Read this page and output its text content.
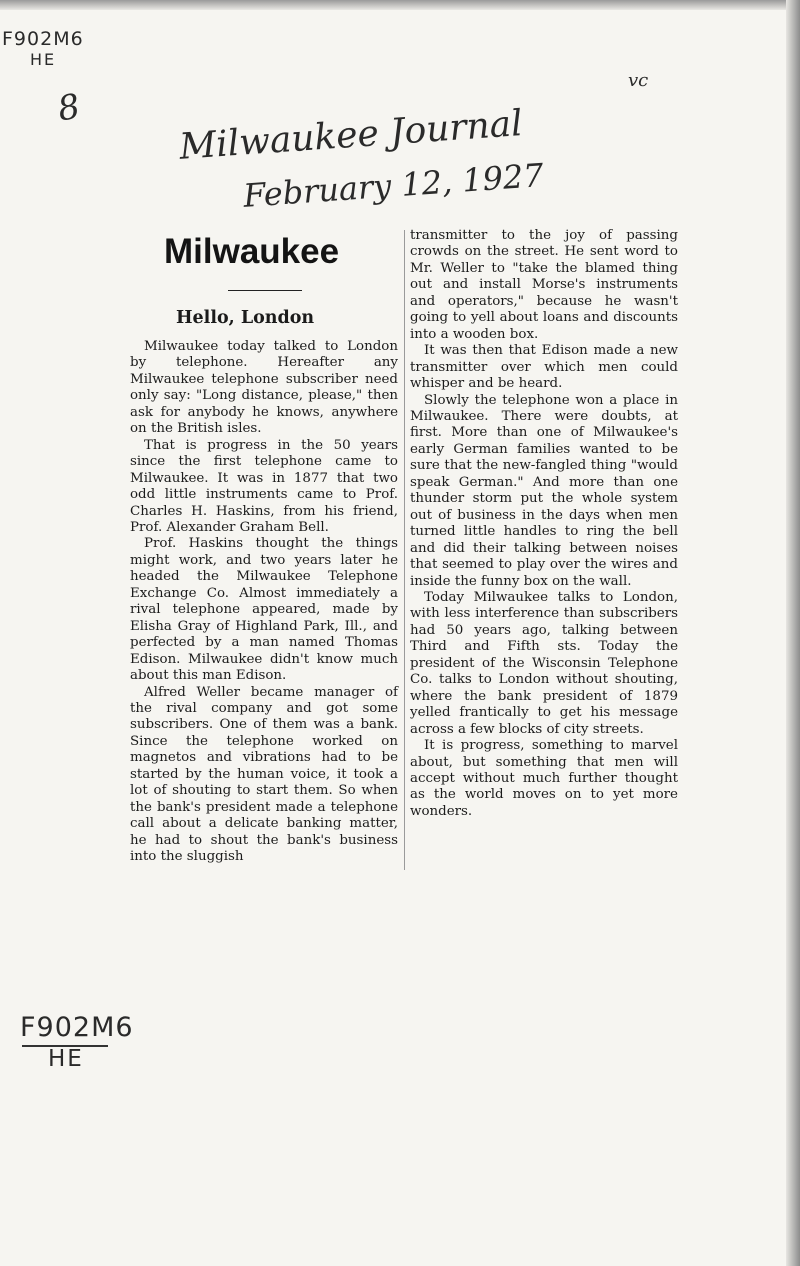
F902M6
HE
8
vc
Milwaukee Journal
February 12, 1927
Milwaukee
Hello, London

Milwaukee today talked to London by telephone. Hereafter any Milwaukee telephone subscriber need only say: "Long distance, please," then ask for anybody he knows, anywhere on the British isles.

That is progress in the 50 years since the first telephone came to Milwaukee. It was in 1877 that two odd little instruments came to Prof. Charles H. Haskins, from his friend, Prof. Alexander Graham Bell.

Prof. Haskins thought the things might work, and two years later he headed the Milwaukee Telephone Exchange Co. Almost immediately a rival telephone appeared, made by Elisha Gray of Highland Park, Ill., and perfected by a man named Thomas Edison. Milwaukee didn't know much about this man Edison.

Alfred Weller became manager of the rival company and got some subscribers. One of them was a bank. Since the telephone worked on magnetos and vibrations had to be started by the human voice, it took a lot of shouting to start them. So when the bank's president made a telephone call about a delicate banking matter, he had to shout the bank's business into the sluggish

transmitter to the joy of passing crowds on the street. He sent word to Mr. Weller to "take the blamed thing out and install Morse's instruments and operators," because he wasn't going to yell about loans and discounts into a wooden box.

It was then that Edison made a new transmitter over which men could whisper and be heard.

Slowly the telephone won a place in Milwaukee. There were doubts, at first. More than one of Milwaukee's early German families wanted to be sure that the new-fangled thing "would speak German." And more than one thunder storm put the whole system out of business in the days when men turned little handles to ring the bell and did their talking between noises that seemed to play over the wires and inside the funny box on the wall.

Today Milwaukee talks to London, with less interference than subscribers had 50 years ago, talking between Third and Fifth sts. Today the president of the Wisconsin Telephone Co. talks to London without shouting, where the bank president of 1879 yelled frantically to get his message across a few blocks of city streets.

It is progress, something to marvel about, but something that men will accept without much further thought as the world moves on to yet more wonders.

F902M6
HE
